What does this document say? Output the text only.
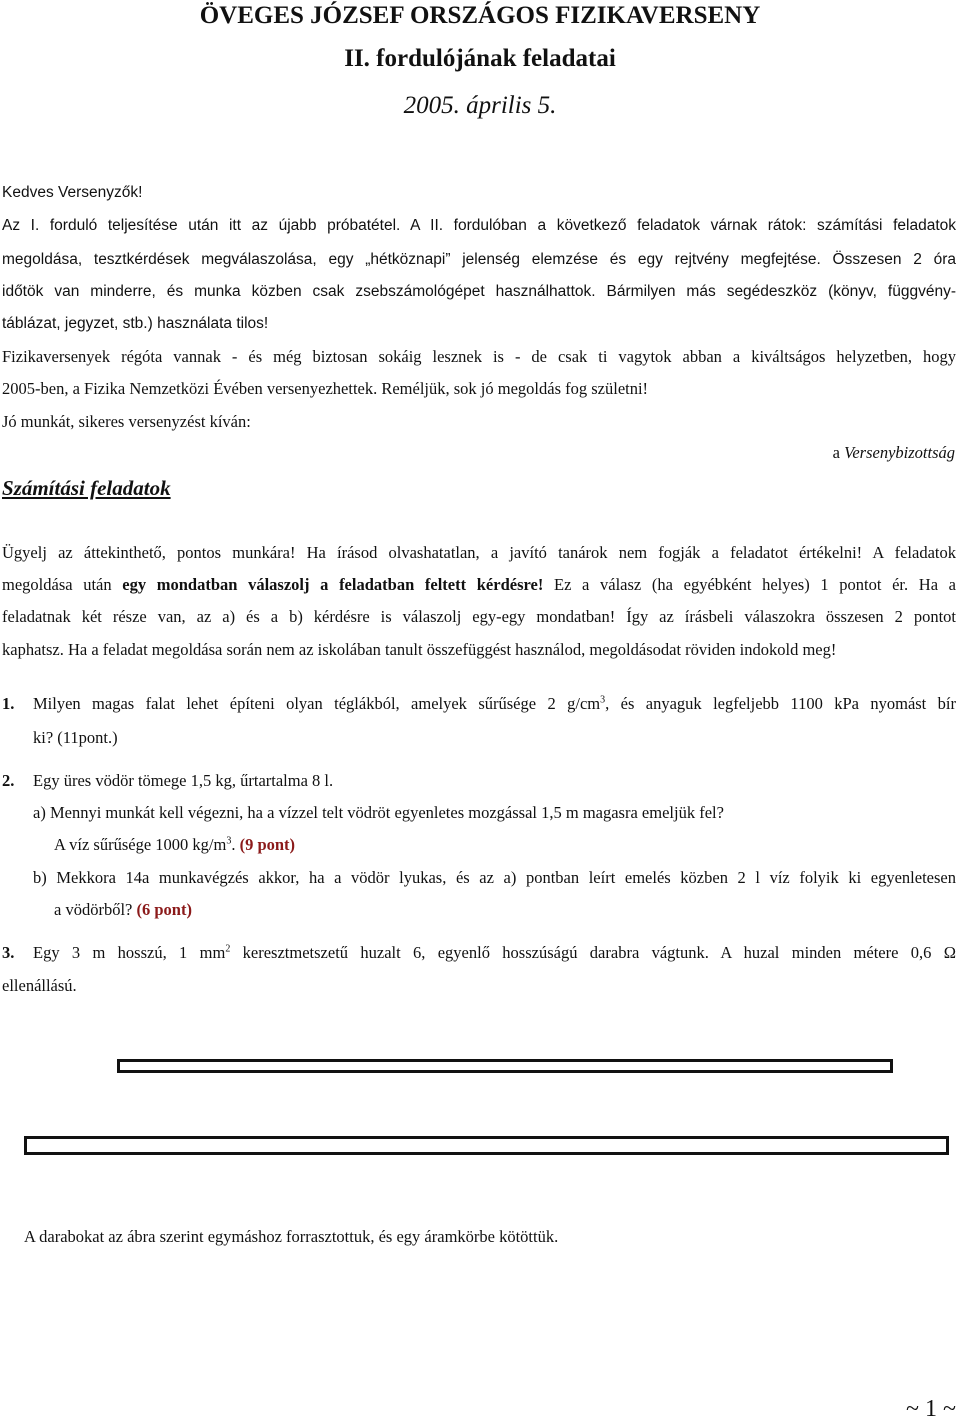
ÖVEGES JÓZSEF ORSZÁGOS FIZIKAVERSENY
II. fordulójának feladatai
2005. április 5.
Kedves Versenyzők!
Az I. forduló teljesítése után itt az újabb próbatétel. A II. fordulóban a következő feladatok várnak rátok: számítási feladatok
megoldása, tesztkérdések megválaszolása, egy „hétköznapi” jelenség elemzése és egy rejtvény megfejtése. Összesen 2 óra
időtök van minderre, és munka közben csak zsebszámológépet használhattok. Bármilyen más segédeszköz (könyv, függvény-
táblázat, jegyzet, stb.) használata tilos!
Fizikaversenyek régóta vannak - és még biztosan sokáig lesznek is - de csak ti vagytok abban a kiváltságos helyzetben, hogy
2005-ben, a Fizika Nemzetközi Évében versenyezhettek. Reméljük, sok jó megoldás fog születni!
Jó munkát, sikeres versenyzést kíván:
a Versenybizottság
Számítási feladatok
Ügyelj az áttekinthető, pontos munkára! Ha írásod olvashatatlan, a javító tanárok nem fogják a feladatot értékelni! A feladatok
megoldása után egy mondatban válaszolj a feladatban feltett kérdésre! Ez a válasz (ha egyébként helyes) 1 pontot ér. Ha a
feladatnak két része van, az a) és a b) kérdésre is válaszolj egy-egy mondatban! Így az írásbeli válaszokra összesen 2 pontot
kaphatsz. Ha a feladat megoldása során nem az iskolában tanult összefüggést használod, megoldásodat röviden indokold meg!
1. Milyen magas falat lehet építeni olyan téglákból, amelyek sűrűsége 2 $g/cm^3$, és anyaguk legfeljebb 1100 kPa nyomást bír
ki? (11pont.)
2. Egy üres vödör tömege 1,5 kg, űrtartalma 8 l.
a) Mennyi munkát kell végezni, ha a vízzel telt vödröt egyenletes mozgással 1,5 m magasra emeljük fel?
A víz sűrűsége 1000 $kg/m^3$. (9 pont)
b) Mekkora 14a munkavégzés akkor, ha a vödör lyukas, és az a) pontban leírt emelés közben 2 l víz folyik ki egyenletesen
a vödörből? (6 pont)
3. Egy 3 m hosszú, 1 $mm^2$ keresztmetszetű huzalt 6, egyenlő hosszúságú darabra vágtunk. A huzal minden métere 0,6 Ω
ellenállású.
A darabokat az ábra szerint egymáshoz forrasztottuk, és egy áramkörbe kötöttük.
~ 1 ~
